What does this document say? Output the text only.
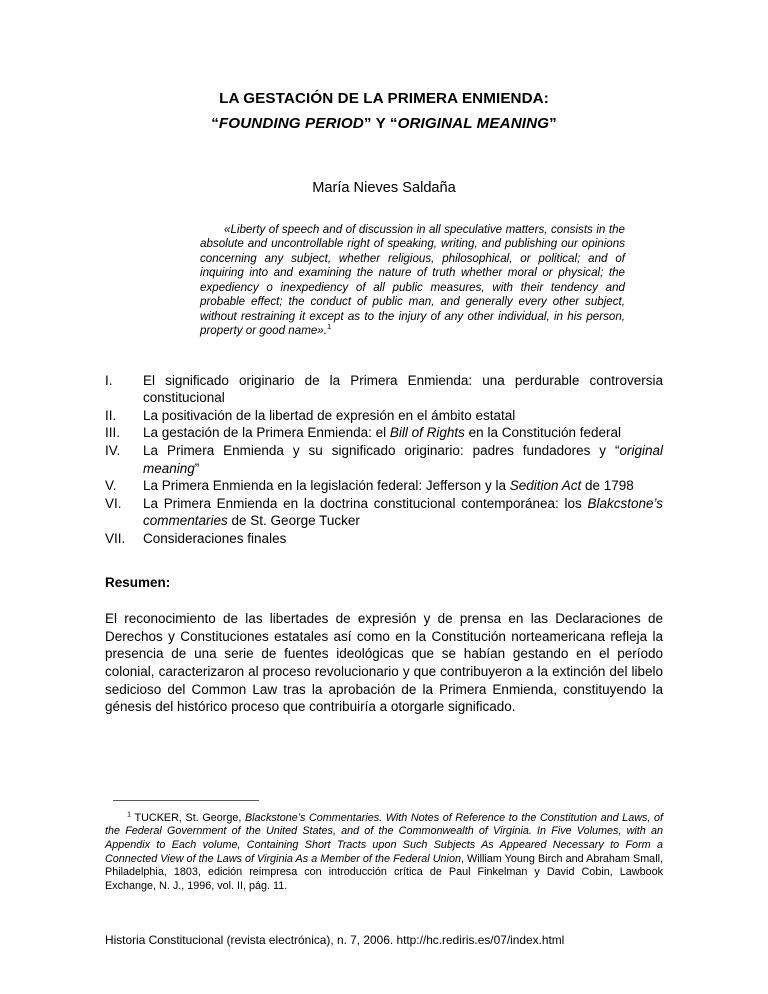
LA GESTACIÓN DE LA PRIMERA ENMIENDA:
“FOUNDING PERIOD” Y “ORIGINAL MEANING”
María Nieves Saldaña

«Liberty of speech and of discussion in all speculative matters, consists in the absolute and uncontrollable right of speaking, writing, and publishing our opinions concerning any subject, whether religious, philosophical, or political; and of inquiring into and examining the nature of truth whether moral or physical; the expediency o inexpediency of all public measures, with their tendency and probable effect; the conduct of public man, and generally every other subject, without restraining it except as to the injury of any other individual, in his person, property or good name».$^1$

I.	El significado originario de la Primera Enmienda: una perdurable controversia constitucional
II.	La positivación de la libertad de expresión en el ámbito estatal
III.	La gestación de la Primera Enmienda: el Bill of Rights en la Constitución federal
IV.	La Primera Enmienda y su significado originario: padres fundadores y “original meaning”
V.	La Primera Enmienda en la legislación federal: Jefferson y la Sedition Act de 1798
VI.	La Primera Enmienda en la doctrina constitucional contemporánea: los Blakcstone’s commentaries de St. George Tucker
VII.	Consideraciones finales
Resumen:

El reconocimiento de las libertades de expresión y de prensa en las Declaraciones de Derechos y Constituciones estatales así como en la Constitución norteamericana refleja la presencia de una serie de fuentes ideológicas que se habían gestando en el período colonial, caracterizaron al proceso revolucionario y que contribuyeron a la extinción del libelo sedicioso del Common Law tras la aprobación de la Primera Enmienda, constituyendo la génesis del histórico proceso que contribuiría a otorgarle significado.

$^1$ TUCKER, St. George, Blackstone’s Commentaries. With Notes of Reference to the Constitution and Laws, of the Federal Government of the United States, and of the Commonwealth of Virginia. In Five Volumes, with an Appendix to Each volume, Containing Short Tracts upon Such Subjects As Appeared Necessary to Form a Connected View of the Laws of Virginia As a Member of the Federal Union, William Young Birch and Abraham Small, Philadelphia, 1803, edición reimpresa con introducción crítica de Paul Finkelman y David Cobin, Lawbook Exchange, N. J., 1996, vol. II, pág. 11.

Historia Constitucional (revista electrónica), n. 7, 2006. http://hc.rediris.es/07/index.html
